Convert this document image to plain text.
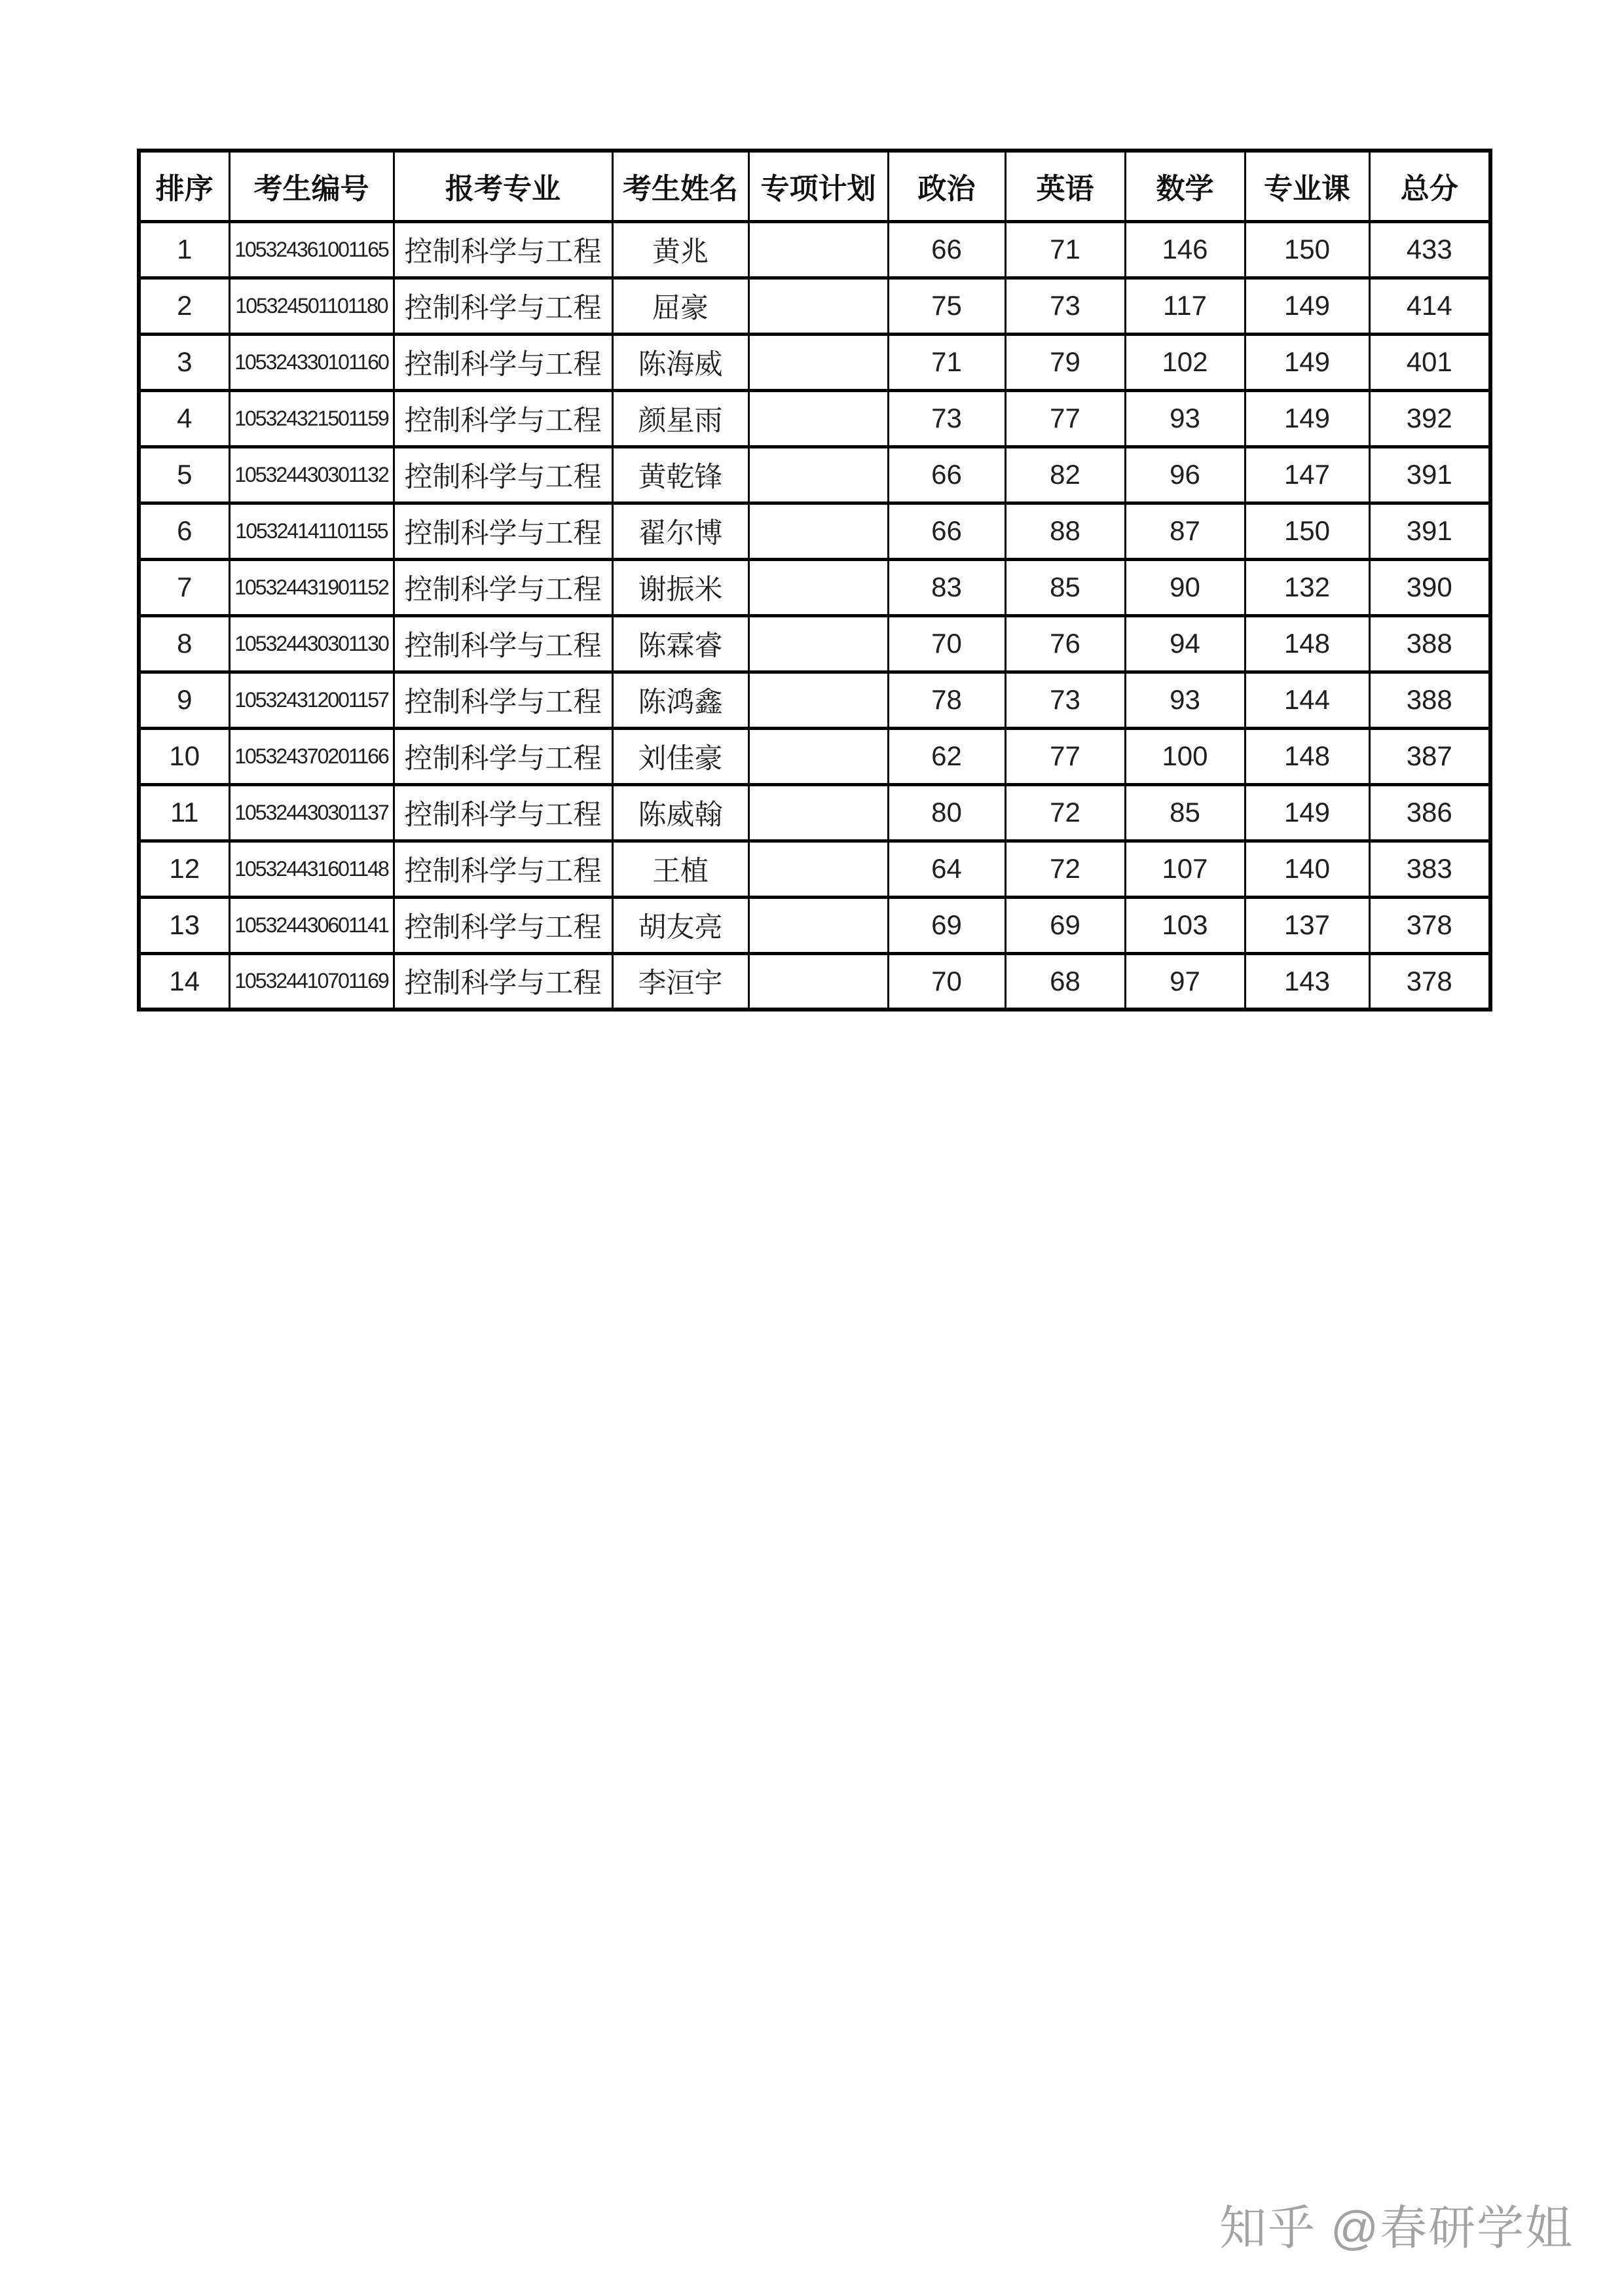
排序	考生编号	报考专业	考生姓名	专项计划	政治	英语	数学	专业课	总分
1	105324361001165	控制科学与工程	黄兆		66	71	146	150	433
2	105324501101180	控制科学与工程	屈豪		75	73	117	149	414
3	105324330101160	控制科学与工程	陈海威		71	79	102	149	401
4	105324321501159	控制科学与工程	颜星雨		73	77	93	149	392
5	105324430301132	控制科学与工程	黄乾锋		66	82	96	147	391
6	105324141101155	控制科学与工程	翟尔博		66	88	87	150	391
7	105324431901152	控制科学与工程	谢振米		83	85	90	132	390
8	105324430301130	控制科学与工程	陈霖睿		70	76	94	148	388
9	105324312001157	控制科学与工程	陈鸿鑫		78	73	93	144	388
10	105324370201166	控制科学与工程	刘佳豪		62	77	100	148	387
11	105324430301137	控制科学与工程	陈威翰		80	72	85	149	386
12	105324431601148	控制科学与工程	王植		64	72	107	140	383
13	105324430601141	控制科学与工程	胡友亮		69	69	103	137	378
14	105324410701169	控制科学与工程	李洹宇		70	68	97	143	378
知乎 @春研学姐
